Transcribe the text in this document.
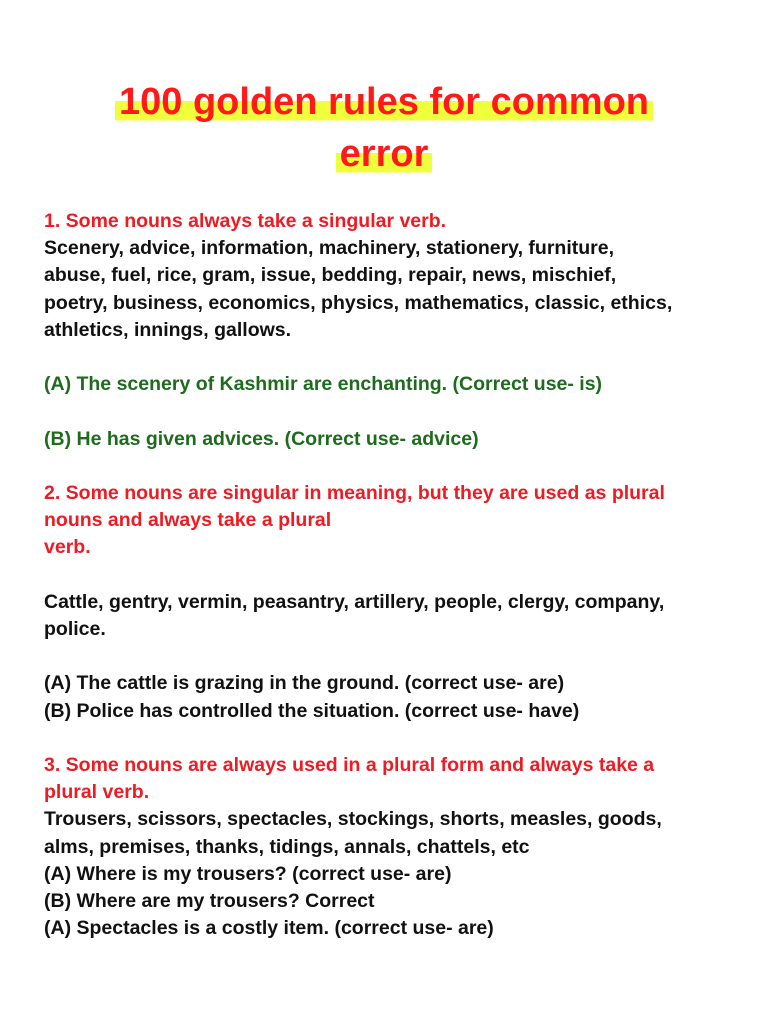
100 golden rules for common
error
1. Some nouns always take a singular verb.
Scenery, advice, information, machinery, stationery, furniture,
abuse, fuel, rice, gram, issue, bedding, repair, news, mischief,
poetry, business, economics, physics, mathematics, classic, ethics,
athletics, innings, gallows.
(A) The scenery of Kashmir are enchanting. (Correct use- is)
(B) He has given advices. (Correct use- advice)
2. Some nouns are singular in meaning, but they are used as plural
nouns and always take a plural
verb.
Cattle, gentry, vermin, peasantry, artillery, people, clergy, company,
police.
(A) The cattle is grazing in the ground. (correct use- are)
(B) Police has controlled the situation. (correct use- have)
3. Some nouns are always used in a plural form and always take a
plural verb.
Trousers, scissors, spectacles, stockings, shorts, measles, goods,
alms, premises, thanks, tidings, annals, chattels, etc
(A) Where is my trousers? (correct use- are)
(B) Where are my trousers? Correct
(A) Spectacles is a costly item. (correct use- are)
